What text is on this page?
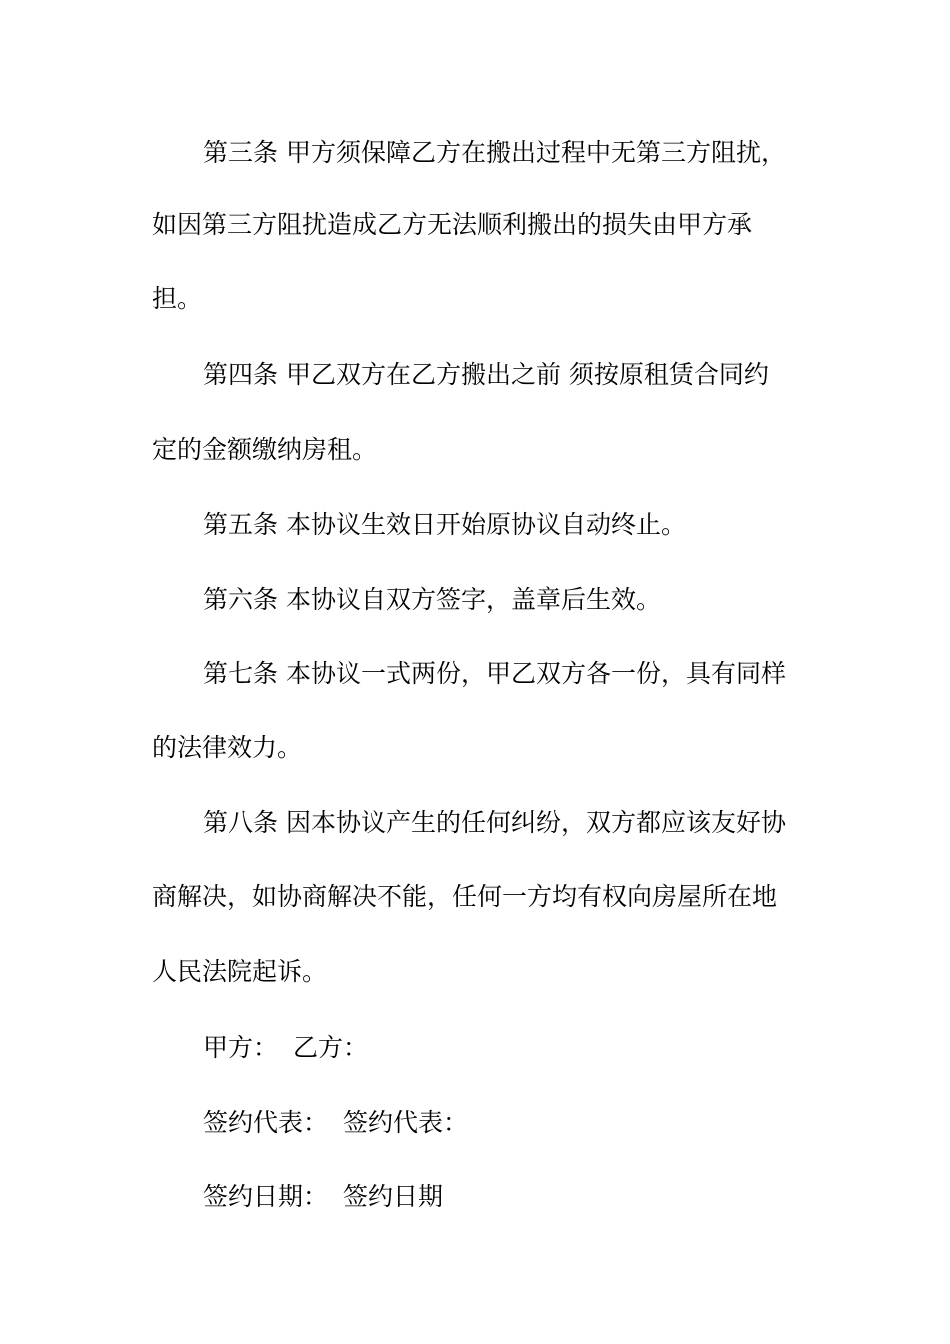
第三条 甲方须保障乙方在搬出过程中无第三方阻扰，
如因第三方阻扰造成乙方无法顺利搬出的损失由甲方承
担。
第四条 甲乙双方在乙方搬出之前 须按原租赁合同约
定的金额缴纳房租。
第五条 本协议生效日开始原协议自动终止。
第六条 本协议自双方签字，盖章后生效。
第七条 本协议一式两份，甲乙双方各一份，具有同样
的法律效力。
第八条 因本协议产生的任何纠纷，双方都应该友好协
商解决，如协商解决不能，任何一方均有权向房屋所在地
人民法院起诉。
甲方： 乙方：
签约代表： 签约代表：
签约日期： 签约日期
